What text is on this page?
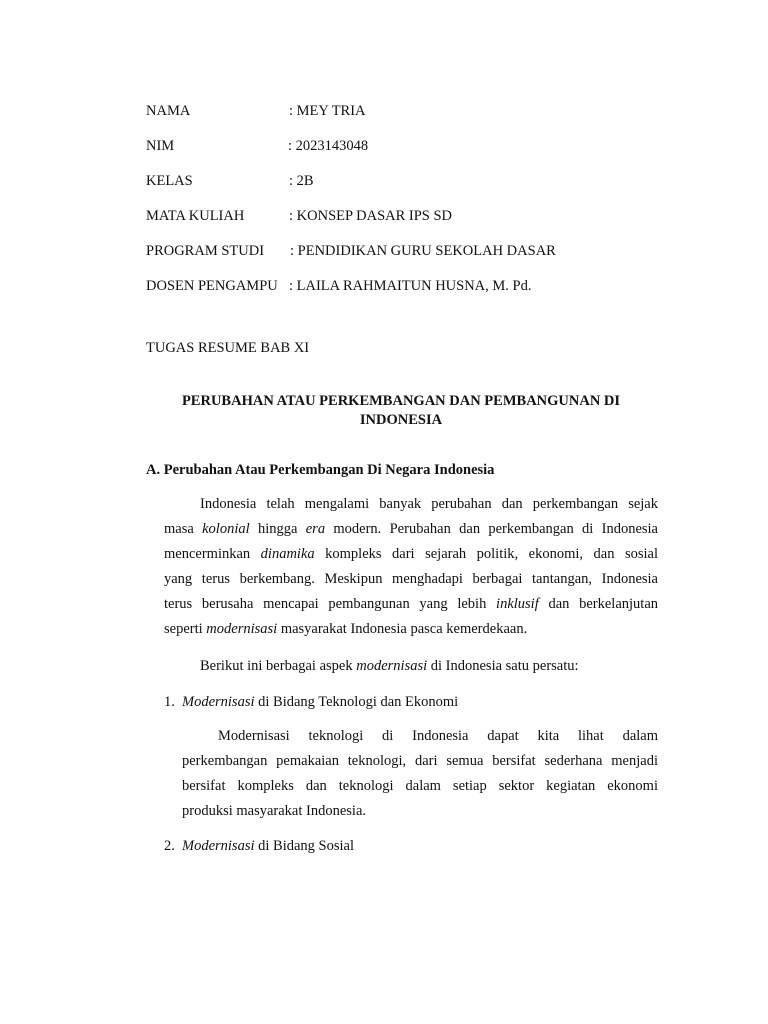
NAMA	: MEY TRIA
NIM	: 2023143048
KELAS	: 2B
MATA KULIAH	: KONSEP DASAR IPS SD
PROGRAM STUDI : PENDIDIKAN GURU SEKOLAH DASAR
DOSEN PENGAMPU : LAILA RAHMAITUN HUSNA, M. Pd.
TUGAS RESUME BAB XI
PERUBAHAN ATAU PERKEMBANGAN DAN PEMBANGUNAN DI
INDONESIA
A. Perubahan Atau Perkembangan Di Negara Indonesia
Indonesia telah mengalami banyak perubahan dan perkembangan sejak
masa kolonial hingga era modern. Perubahan dan perkembangan di Indonesia
mencerminkan dinamika kompleks dari sejarah politik, ekonomi, dan sosial
yang terus berkembang. Meskipun menghadapi berbagai tantangan, Indonesia
terus berusaha mencapai pembangunan yang lebih inklusif dan berkelanjutan
seperti modernisasi masyarakat Indonesia pasca kemerdekaan.
Berikut ini berbagai aspek modernisasi di Indonesia satu persatu:
1. Modernisasi di Bidang Teknologi dan Ekonomi
Modernisasi teknologi di Indonesia dapat kita lihat dalam
perkembangan pemakaian teknologi, dari semua bersifat sederhana menjadi
bersifat kompleks dan teknologi dalam setiap sektor kegiatan ekonomi
produksi masyarakat Indonesia.
2. Modernisasi di Bidang Sosial
